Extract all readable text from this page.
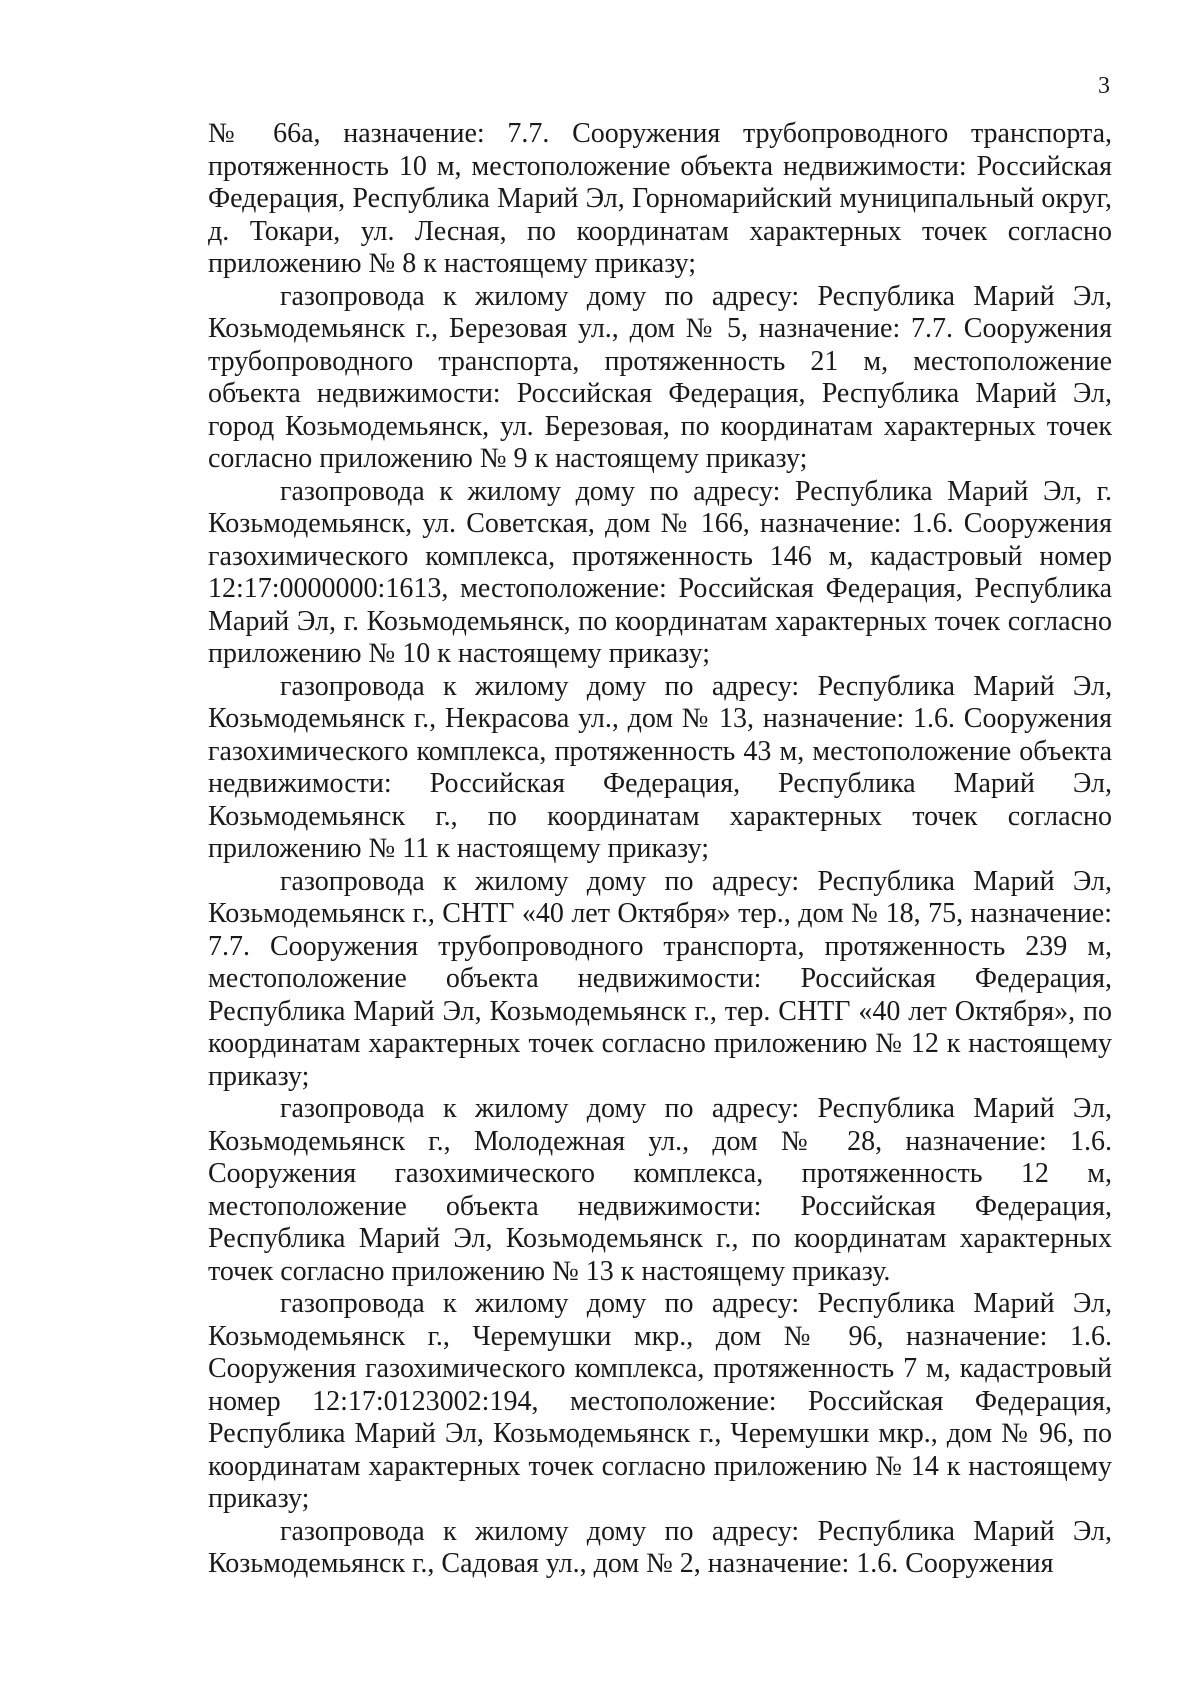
3

№ 66а, назначение: 7.7. Сооружения трубопроводного транспорта, протяженность 10 м, местоположение объекта недвижимости: Российская Федерация, Республика Марий Эл, Горномарийский муниципальный округ, д. Токари, ул. Лесная, по координатам характерных точек согласно приложению № 8 к настоящему приказу;

газопровода к жилому дому по адресу: Республика Марий Эл, Козьмодемьянск г., Березовая ул., дом № 5, назначение: 7.7. Сооружения трубопроводного транспорта, протяженность 21 м, местоположение объекта недвижимости: Российская Федерация, Республика Марий Эл, город Козьмодемьянск, ул. Березовая, по координатам характерных точек согласно приложению № 9 к настоящему приказу;

газопровода к жилому дому по адресу: Республика Марий Эл, г. Козьмодемьянск, ул. Советская, дом № 166, назначение: 1.6. Сооружения газохимического комплекса, протяженность 146 м, кадастровый номер 12:17:0000000:1613, местоположение: Российская Федерация, Республика Марий Эл, г. Козьмодемьянск, по координатам характерных точек согласно приложению № 10 к настоящему приказу;

газопровода к жилому дому по адресу: Республика Марий Эл, Козьмодемьянск г., Некрасова ул., дом № 13, назначение: 1.6. Сооружения газохимического комплекса, протяженность 43 м, местоположение объекта недвижимости: Российская Федерация, Республика Марий Эл, Козьмодемьянск г., по координатам характерных точек согласно приложению № 11 к настоящему приказу;

газопровода к жилому дому по адресу: Республика Марий Эл, Козьмодемьянск г., СНТГ «40 лет Октября» тер., дом № 18, 75, назначение: 7.7. Сооружения трубопроводного транспорта, протяженность 239 м, местоположение объекта недвижимости: Российская Федерация, Республика Марий Эл, Козьмодемьянск г., тер. СНТГ «40 лет Октября», по координатам характерных точек согласно приложению № 12 к настоящему приказу;

газопровода к жилому дому по адресу: Республика Марий Эл, Козьмодемьянск г., Молодежная ул., дом № 28, назначение: 1.6. Сооружения газохимического комплекса, протяженность 12 м, местоположение объекта недвижимости: Российская Федерация, Республика Марий Эл, Козьмодемьянск г., по координатам характерных точек согласно приложению № 13 к настоящему приказу.

газопровода к жилому дому по адресу: Республика Марий Эл, Козьмодемьянск г., Черемушки мкр., дом № 96, назначение: 1.6. Сооружения газохимического комплекса, протяженность 7 м, кадастровый номер 12:17:0123002:194, местоположение: Российская Федерация, Республика Марий Эл, Козьмодемьянск г., Черемушки мкр., дом № 96, по координатам характерных точек согласно приложению № 14 к настоящему приказу;

газопровода к жилому дому по адресу: Республика Марий Эл, Козьмодемьянск г., Садовая ул., дом № 2, назначение: 1.6. Сооружения
